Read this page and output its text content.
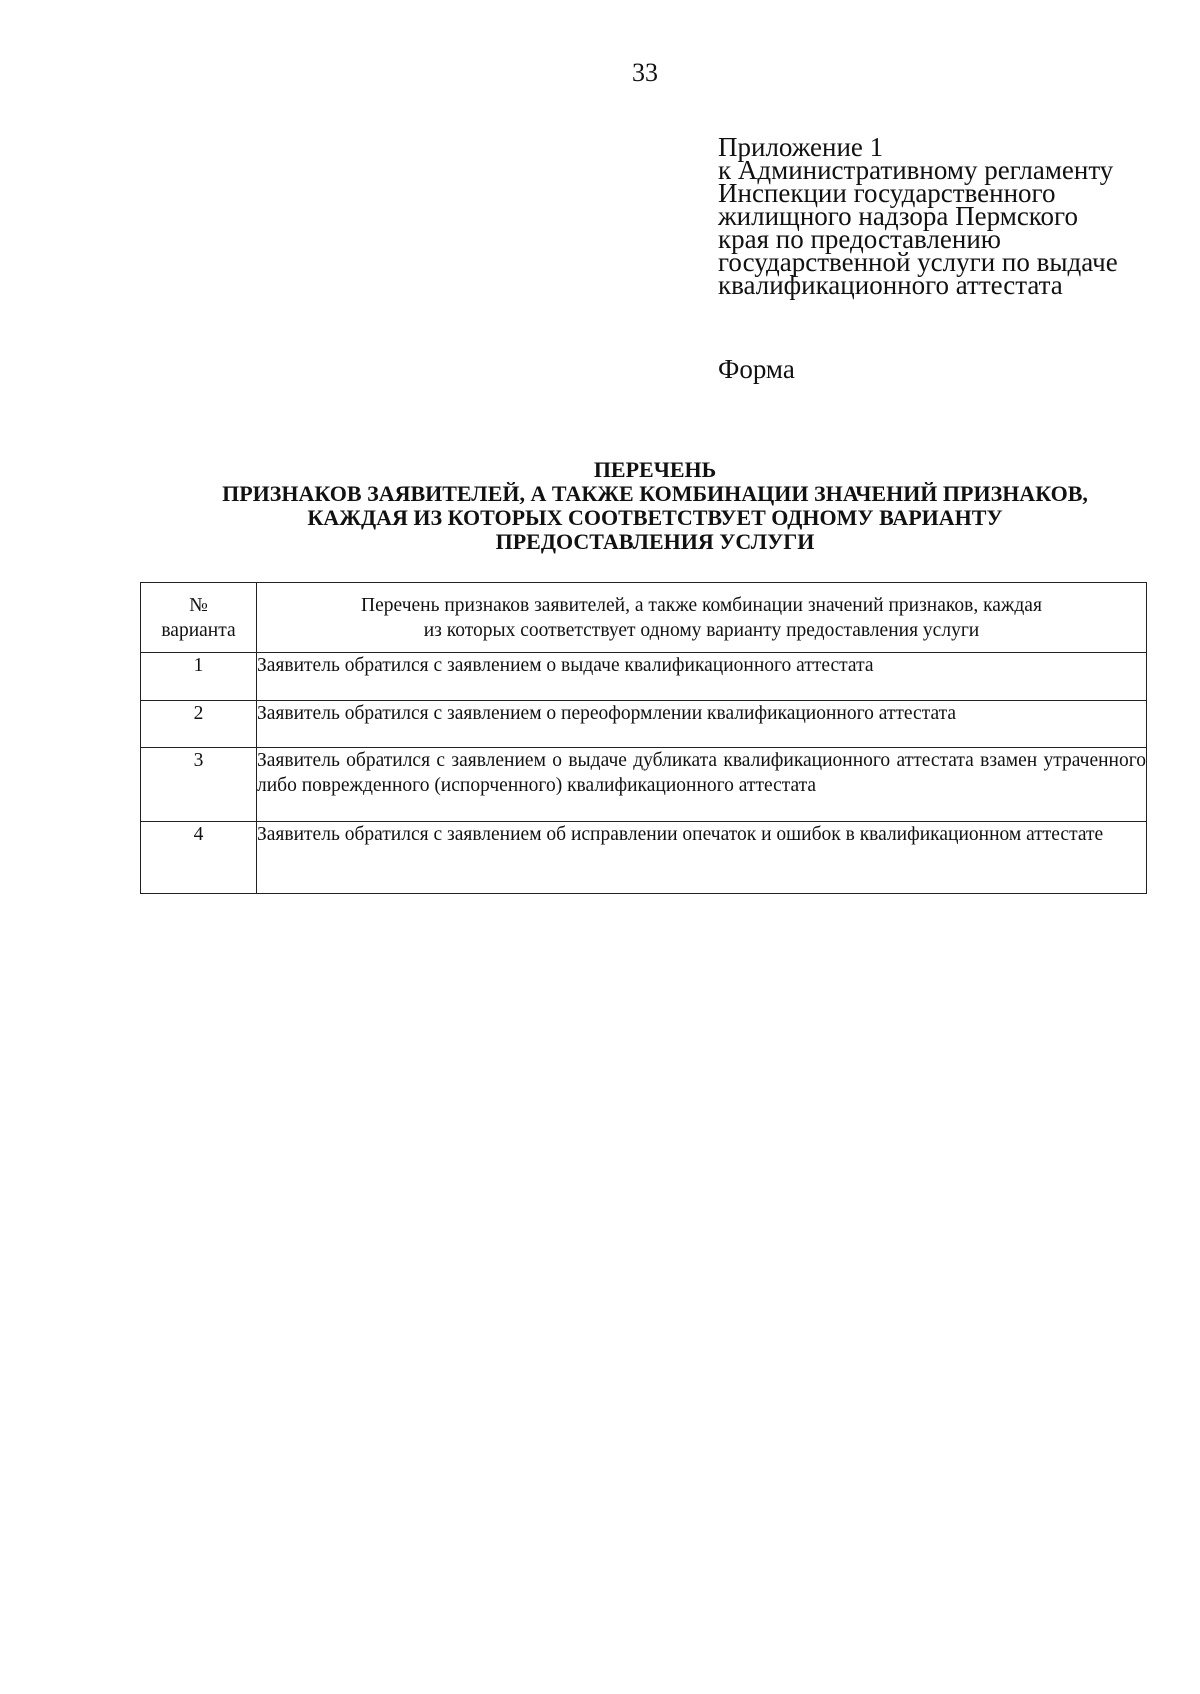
33
Приложение 1
к Административному регламенту
Инспекции государственного
жилищного надзора Пермского
края по предоставлению
государственной услуги по выдаче
квалификационного аттестата
Форма
ПЕРЕЧЕНЬ
ПРИЗНАКОВ ЗАЯВИТЕЛЕЙ, А ТАКЖЕ КОМБИНАЦИИ ЗНАЧЕНИЙ ПРИЗНАКОВ,
КАЖДАЯ ИЗ КОТОРЫХ СООТВЕТСТВУЕТ ОДНОМУ ВАРИАНТУ
ПРЕДОСТАВЛЕНИЯ УСЛУГИ
№
варианта	Перечень признаков заявителей, а также комбинации значений признаков, каждая
из которых соответствует одному варианту предоставления услуги

1	Заявитель обратился с заявлением о выдаче квалификационного аттестата
2	Заявитель обратился с заявлением о переоформлении квалификационного аттестата
3	Заявитель обратился с заявлением о выдаче дубликата квалификационного аттестата взамен утраченного либо поврежденного (испорченного) квалификационного аттестата
4	Заявитель обратился с заявлением об исправлении опечаток и ошибок в квалификационном аттестате
